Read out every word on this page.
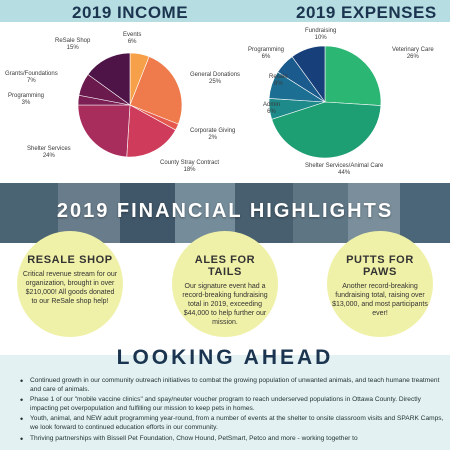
2019 INCOME	2019 EXPENSES
Events
6%
General Donations
25%
Corporate Giving
2%
County Stray Contract
18%
Shelter Services
24%
Programming
3%
Grants/Foundations
7%
ReSale Shop
15%	Veterinary Care
26%
Shelter Services/Animal Care
44%
Admin
6%
Resale
8%
Programming
6%
Fundraising
10%
2019 FINANCIAL HIGHLIGHTS
RESALE SHOP
Critical revenue stream for our organization, brought in over $210,000! All goods donated to our ReSale shop help!
ALES FOR TAILS
Our signature event had a record-breaking fundraising total in 2019, exceeding $44,000 to help further our mission.
PUTTS FOR PAWS
Another record-breaking fundraising total, raising over $13,000, and most participants ever!
LOOKING AHEAD
• Continued growth in our community outreach initiatives to combat the growing population of unwanted animals, and teach humane treatment and care of animals.
• Phase 1 of our "mobile vaccine clinics" and spay/neuter voucher program to reach underserved populations in Ottawa County. Directly impacting pet overpopulation and fulfilling our mission to keep pets in homes.
• Youth, animal, and NEW adult programming year-round, from a number of events at the shelter to onsite classroom visits and SPARK Camps, we look forward to continued education efforts in our community.
• Thriving partnerships with Bissell Pet Foundation, Chow Hound, PetSmart, Petco and more - working together to
